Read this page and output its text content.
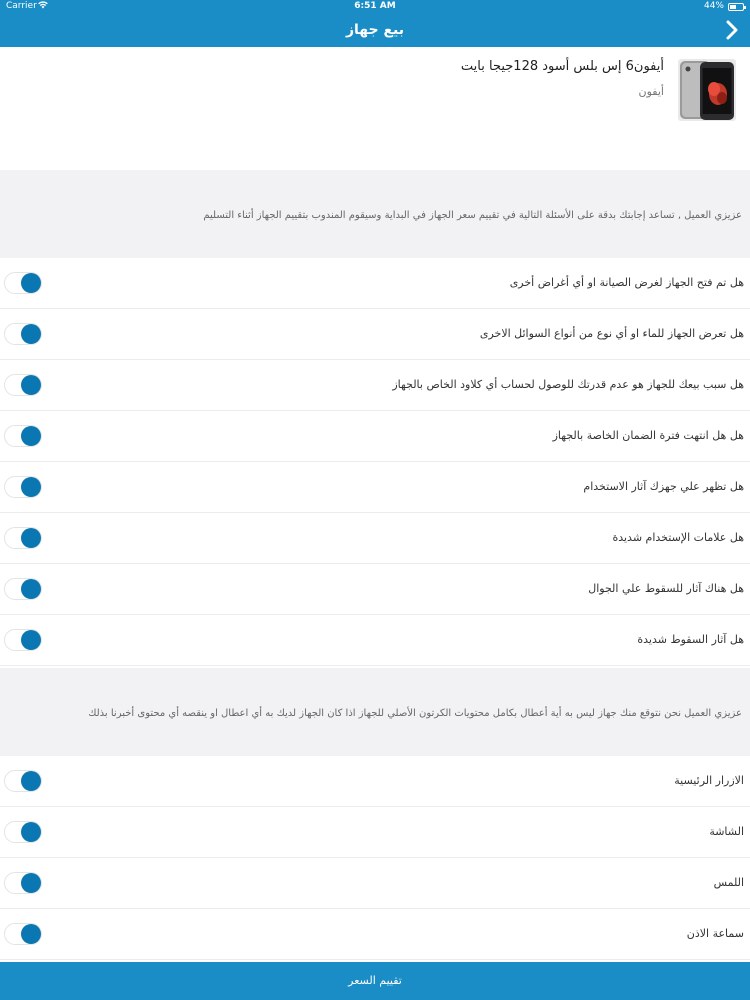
Carrier	6:51 AM	44%
بيع جهاز
أيفون6 إس بلس أسود 128جيجا بايت
أيفون
عزيزي العميل , تساعد إجابتك بدقة على الأسئلة التالية في تقييم سعر الجهاز في البداية وسيقوم المندوب بتقييم الجهاز أثناء التسليم
هل تم فتح الجهاز لغرض الصيانة او أي أغراض أخرى
هل تعرض الجهاز للماء او أي نوع من أنواع السوائل الاخرى
هل سبب بيعك للجهاز هو عدم قدرتك للوصول لحساب أي كلاود الخاص بالجهاز
هل هل انتهت فترة الضمان الخاصة بالجهاز
هل تظهر علي جهزك آثار الاستخدام
هل علامات الإستخدام شديدة
هل هناك آثار للسقوط علي الجوال
هل آثار السقوط شديدة
عزيزي العميل نحن نتوقع منك جهاز ليس به أية أعطال بكامل محتويات الكرتون الأصلي للجهاز اذا كان الجهاز لديك به أي اعطال او ينقصه أي محتوى أخبرنا بذلك
الازرار الرئيسية
الشاشة
اللمس
سماعة الاذن
تقييم السعر
